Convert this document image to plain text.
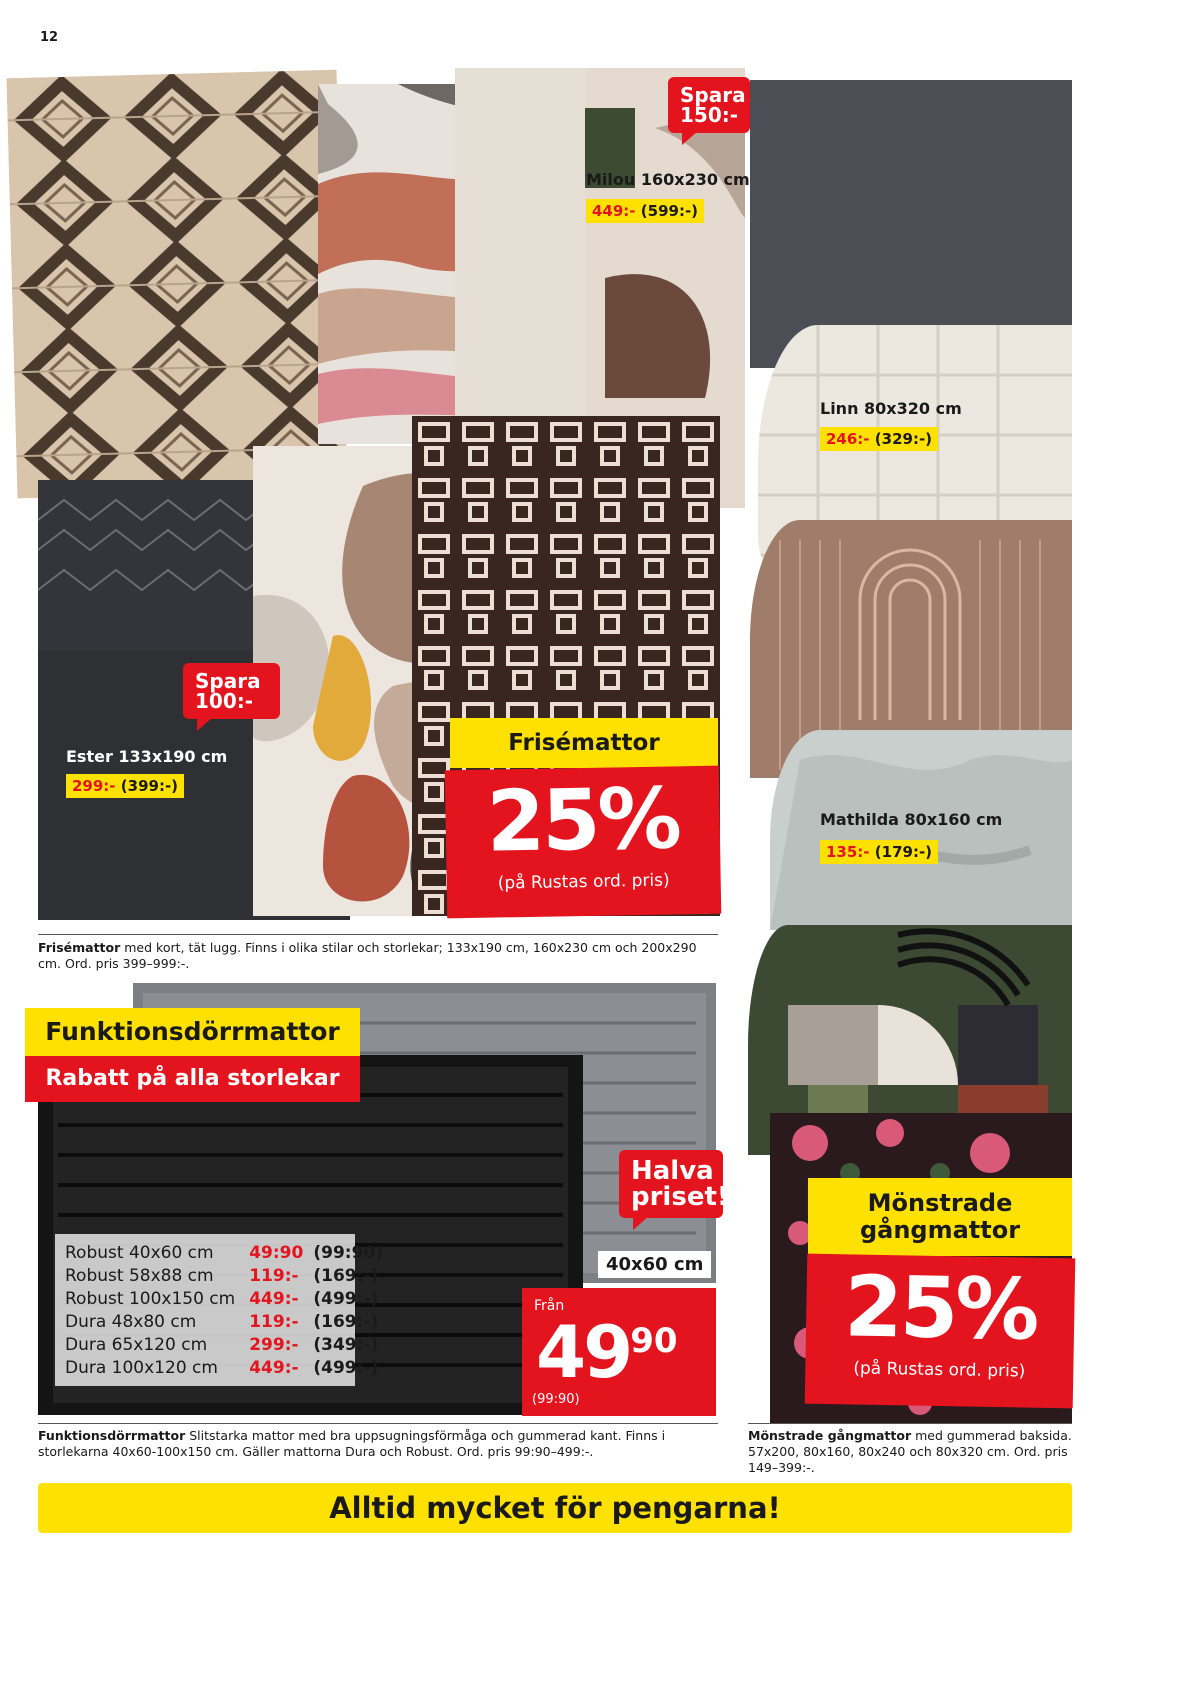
12
Spara
150:-
Milou 160x230 cm
449:- (599:-)
Spara
100:-
Ester 133x190 cm
299:- (399:-)
Linn 80x320 cm
246:- (329:-)
Mathilda 80x160 cm
135:- (179:-)
Frisémattor
25%
(på Rustas ord. pris)
Frisémattor med kort, tät lugg. Finns i olika stilar och storlekar; 133x190 cm, 160x230 cm och 200x290 cm. Ord. pris 399–999:-.
Funktionsdörrmattor
Rabatt på alla storlekar
Robust 40x60 cm	49:90	(99:90)
Robust 58x88 cm	119:-	(169:-)
Robust 100x150 cm	449:-	(499:-)
Dura 48x80 cm	119:-	(169:-)
Dura 65x120 cm	299:-	(349:-)
Dura 100x120 cm	449:-	(499:-)
Halva
priset!
40x60 cm
Från
4990
(99:90)
Funktionsdörrmattor Slitstarka mattor med bra uppsugningsförmåga och gummerad kant. Finns i storlekarna 40x60-100x150 cm. Gäller mattorna Dura och Robust. Ord. pris 99:90–499:-.
Mönstrade
gångmattor
25%
(på Rustas ord. pris)
Mönstrade gångmattor med gummerad baksida. 57x200, 80x160, 80x240 och 80x320 cm. Ord. pris 149–399:-.
Alltid mycket för pengarna!
